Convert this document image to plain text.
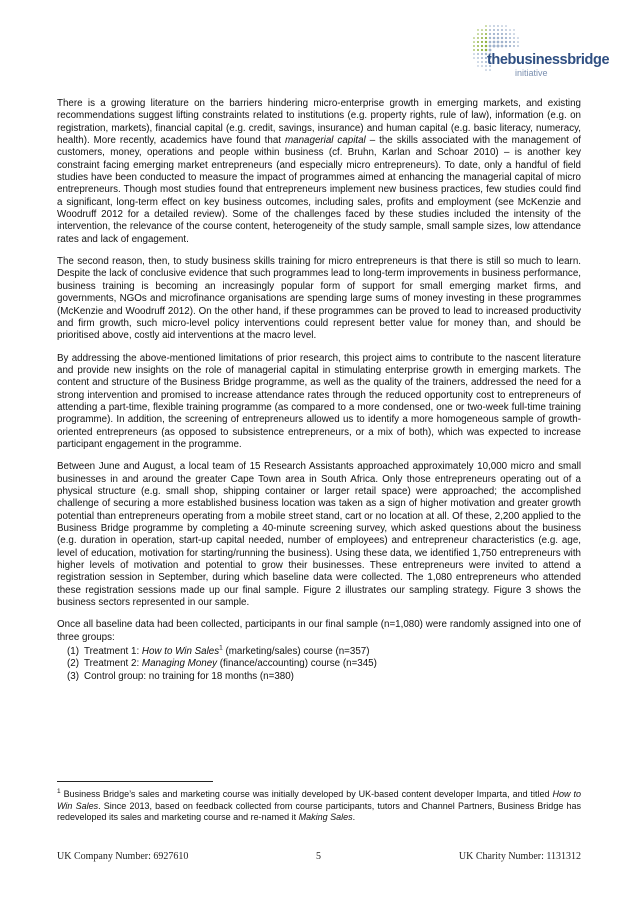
thebusinessbridge
initiative

There is a growing literature on the barriers hindering micro-enterprise growth in emerging markets, and existing recommendations suggest lifting constraints related to institutions (e.g. property rights, rule of law), information (e.g. on registration, markets), financial capital (e.g. credit, savings, insurance) and human capital (e.g. basic literacy, numeracy, health). More recently, academics have found that managerial capital – the skills associated with the management of customers, money, operations and people within business (cf. Bruhn, Karlan and Schoar 2010) – is another key constraint facing emerging market entrepreneurs (and especially micro entrepreneurs). To date, only a handful of field studies have been conducted to measure the impact of programmes aimed at enhancing the managerial capital of micro entrepreneurs. Though most studies found that entrepreneurs implement new business practices, few studies could find a significant, long-term effect on key business outcomes, including sales, profits and employment (see McKenzie and Woodruff 2012 for a detailed review). Some of the challenges faced by these studies included the intensity of the intervention, the relevance of the course content, heterogeneity of the study sample, small sample sizes, low attendance rates and lack of engagement.

The second reason, then, to study business skills training for micro entrepreneurs is that there is still so much to learn. Despite the lack of conclusive evidence that such programmes lead to long-term improvements in business performance, business training is becoming an increasingly popular form of support for small emerging market firms, and governments, NGOs and microfinance organisations are spending large sums of money investing in these programmes (McKenzie and Woodruff 2012). On the other hand, if these programmes can be proved to lead to increased productivity and firm growth, such micro-level policy interventions could represent better value for money than, and should be prioritised above, costly aid interventions at the macro level.

By addressing the above-mentioned limitations of prior research, this project aims to contribute to the nascent literature and provide new insights on the role of managerial capital in stimulating enterprise growth in emerging markets. The content and structure of the Business Bridge programme, as well as the quality of the trainers, addressed the need for a strong intervention and promised to increase attendance rates through the reduced opportunity cost to entrepreneurs of attending a part-time, flexible training programme (as compared to a more condensed, one or two-week full-time training programme). In addition, the screening of entrepreneurs allowed us to identify a more homogeneous sample of growth-oriented entrepreneurs (as opposed to subsistence entrepreneurs, or a mix of both), which was expected to increase participant engagement in the programme.

Between June and August, a local team of 15 Research Assistants approached approximately 10,000 micro and small businesses in and around the greater Cape Town area in South Africa. Only those entrepreneurs operating out of a physical structure (e.g. small shop, shipping container or larger retail space) were approached; the accomplished challenge of securing a more established business location was taken as a sign of higher motivation and greater growth potential than entrepreneurs operating from a mobile street stand, cart or no location at all. Of these, 2,200 applied to the Business Bridge programme by completing a 40-minute screening survey, which asked questions about the business (e.g. duration in operation, start-up capital needed, number of employees) and entrepreneur characteristics (e.g. age, level of education, motivation for starting/running the business). Using these data, we identified 1,750 entrepreneurs with higher levels of motivation and potential to grow their businesses. These entrepreneurs were invited to attend a registration session in September, during which baseline data were collected. The 1,080 entrepreneurs who attended these registration sessions made up our final sample. Figure 2 illustrates our sampling strategy. Figure 3 shows the business sectors represented in our sample.

Once all baseline data had been collected, participants in our final sample (n=1,080) were randomly assigned into one of three groups:

(1) Treatment 1: How to Win Sales$^1$ (marketing/sales) course (n=357)
(2) Treatment 2: Managing Money (finance/accounting) course (n=345)
(3) Control group: no training for 18 months (n=380)
$^1$ Business Bridge’s sales and marketing course was initially developed by UK-based content developer Imparta, and titled How to Win Sales. Since 2013, based on feedback collected from course participants, tutors and Channel Partners, Business Bridge has redeveloped its sales and marketing course and re-named it Making Sales.
UK Company Number: 6927610	5	UK Charity Number: 1131312
